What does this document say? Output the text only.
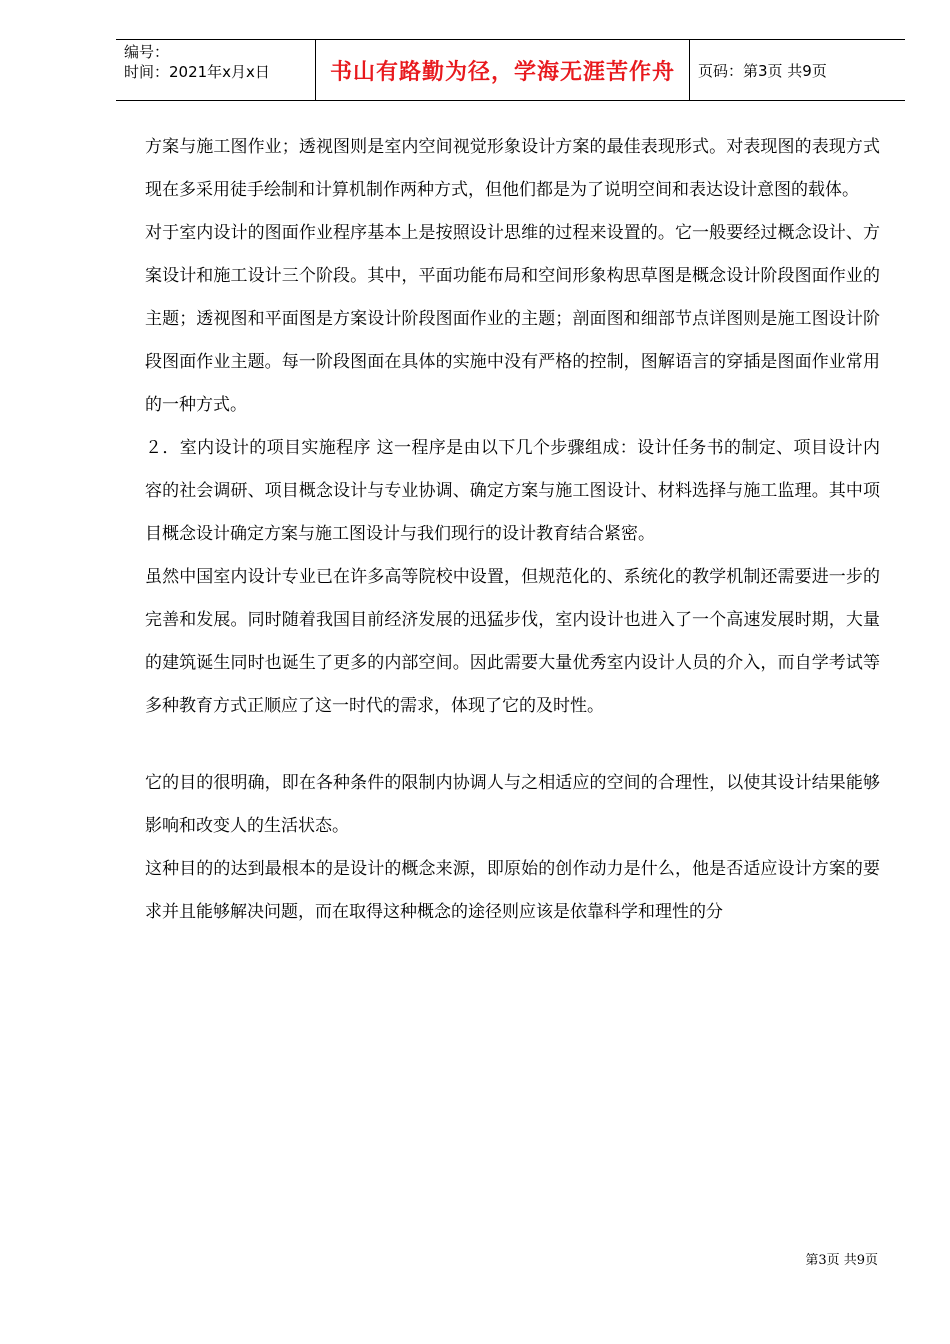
编号：
时间：2021年x月x日	书山有路勤为径，学海无涯苦作舟	页码：第3页 共9页

方案与施工图作业；透视图则是室内空间视觉形象设计方案的最佳表现形式。对表现图的表现方式现在多采用徒手绘制和计算机制作两种方式，但他们都是为了说明空间和表达设计意图的载体。

对于室内设计的图面作业程序基本上是按照设计思维的过程来设置的。它一般要经过概念设计、方案设计和施工设计三个阶段。其中，平面功能布局和空间形象构思草图是概念设计阶段图面作业的主题；透视图和平面图是方案设计阶段图面作业的主题；剖面图和细部节点详图则是施工图设计阶段图面作业主题。每一阶段图面在具体的实施中没有严格的控制，图解语言的穿插是图面作业常用的一种方式。

２．室内设计的项目实施程序 这一程序是由以下几个步骤组成：设计任务书的制定、项目设计内容的社会调研、项目概念设计与专业协调、确定方案与施工图设计、材料选择与施工监理。其中项目概念设计确定方案与施工图设计与我们现行的设计教育结合紧密。

虽然中国室内设计专业已在许多高等院校中设置，但规范化的、系统化的教学机制还需要进一步的完善和发展。同时随着我国目前经济发展的迅猛步伐，室内设计也进入了一个高速发展时期，大量的建筑诞生同时也诞生了更多的内部空间。因此需要大量优秀室内设计人员的介入，而自学考试等多种教育方式正顺应了这一时代的需求，体现了它的及时性。

它的目的很明确，即在各种条件的限制内协调人与之相适应的空间的合理性，以使其设计结果能够影响和改变人的生活状态。

这种目的的达到最根本的是设计的概念来源，即原始的创作动力是什么，他是否适应设计方案的要求并且能够解决问题，而在取得这种概念的途径则应该是依靠科学和理性的分

第3页 共9页
